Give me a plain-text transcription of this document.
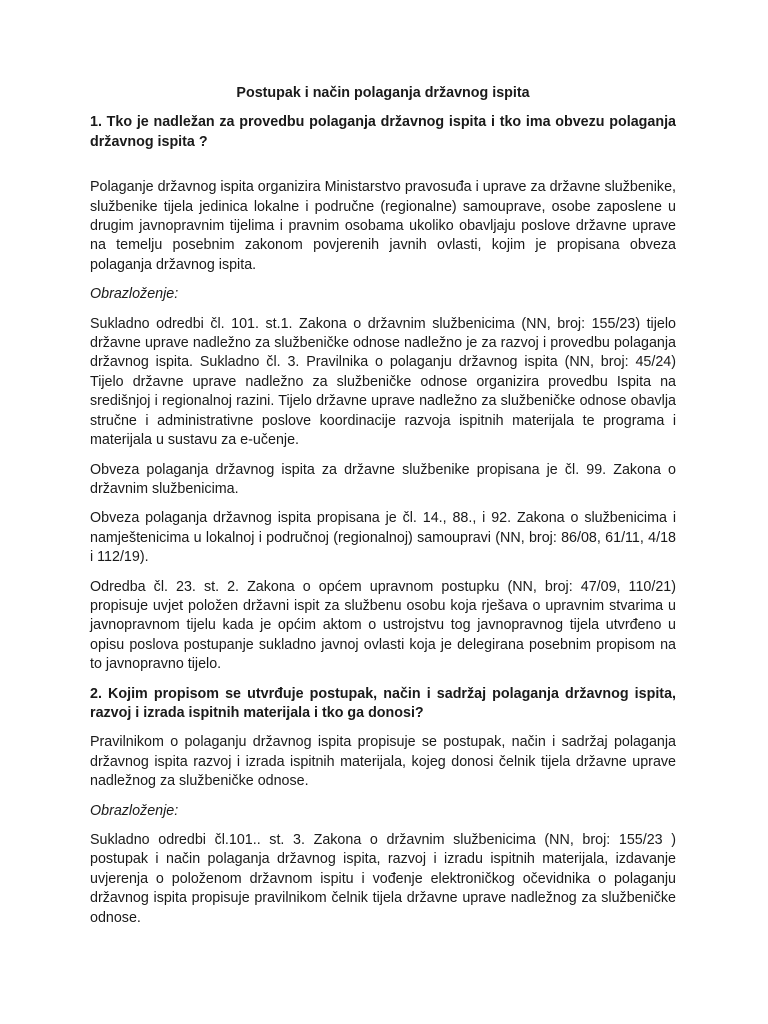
Postupak i način polaganja državnog ispita
1. Tko je nadležan za provedbu polaganja državnog ispita i tko ima obvezu polaganja državnog ispita ?
Polaganje državnog ispita organizira Ministarstvo pravosuđa i uprave za državne službenike, službenike tijela jedinica lokalne i područne (regionalne) samouprave, osobe zaposlene u drugim javnopravnim tijelima i pravnim osobama ukoliko obavljaju poslove državne uprave na temelju posebnim zakonom povjerenih javnih ovlasti, kojim je propisana obveza polaganja državnog ispita.
Obrazloženje:
Sukladno odredbi čl. 101. st.1. Zakona o državnim službenicima (NN, broj: 155/23) tijelo državne uprave nadležno za službeničke odnose nadležno je za razvoj i provedbu polaganja državnog ispita. Sukladno čl. 3. Pravilnika o polaganju državnog ispita (NN, broj: 45/24) Tijelo državne uprave nadležno za službeničke odnose organizira provedbu Ispita na središnjoj i regionalnoj razini. Tijelo državne uprave nadležno za službeničke odnose obavlja stručne i administrativne poslove koordinacije razvoja ispitnih materijala te programa i materijala u sustavu za e-učenje.
Obveza polaganja državnog ispita za državne službenike propisana je čl. 99. Zakona o državnim službenicima.
Obveza polaganja državnog ispita propisana je čl. 14., 88., i 92. Zakona o službenicima i namještenicima u lokalnoj i područnoj (regionalnoj) samoupravi (NN, broj: 86/08, 61/11, 4/18 i 112/19).
Odredba čl. 23. st. 2. Zakona o općem upravnom postupku (NN, broj: 47/09, 110/21) propisuje uvjet položen državni ispit za službenu osobu koja rješava o upravnim stvarima u javnopravnom tijelu kada je općim aktom o ustrojstvu tog javnopravnog tijela utvrđeno u opisu poslova postupanje sukladno javnoj ovlasti koja je delegirana posebnim propisom na to javnopravno tijelo.
2. Kojim propisom se utvrđuje postupak, način i sadržaj polaganja državnog ispita, razvoj i izrada ispitnih materijala i tko ga donosi?
Pravilnikom o polaganju državnog ispita propisuje se postupak, način i sadržaj polaganja državnog ispita razvoj i izrada ispitnih materijala, kojeg donosi čelnik tijela državne uprave nadležnog za službeničke odnose.
Obrazloženje:
Sukladno odredbi čl.101.. st. 3. Zakona o državnim službenicima (NN, broj: 155/23 ) postupak i način polaganja državnog ispita, razvoj i izradu ispitnih materijala, izdavanje uvjerenja o položenom državnom ispitu i vođenje elektroničkog očevidnika o polaganju državnog ispita propisuje pravilnikom čelnik tijela državne uprave nadležnog za službeničke odnose.
